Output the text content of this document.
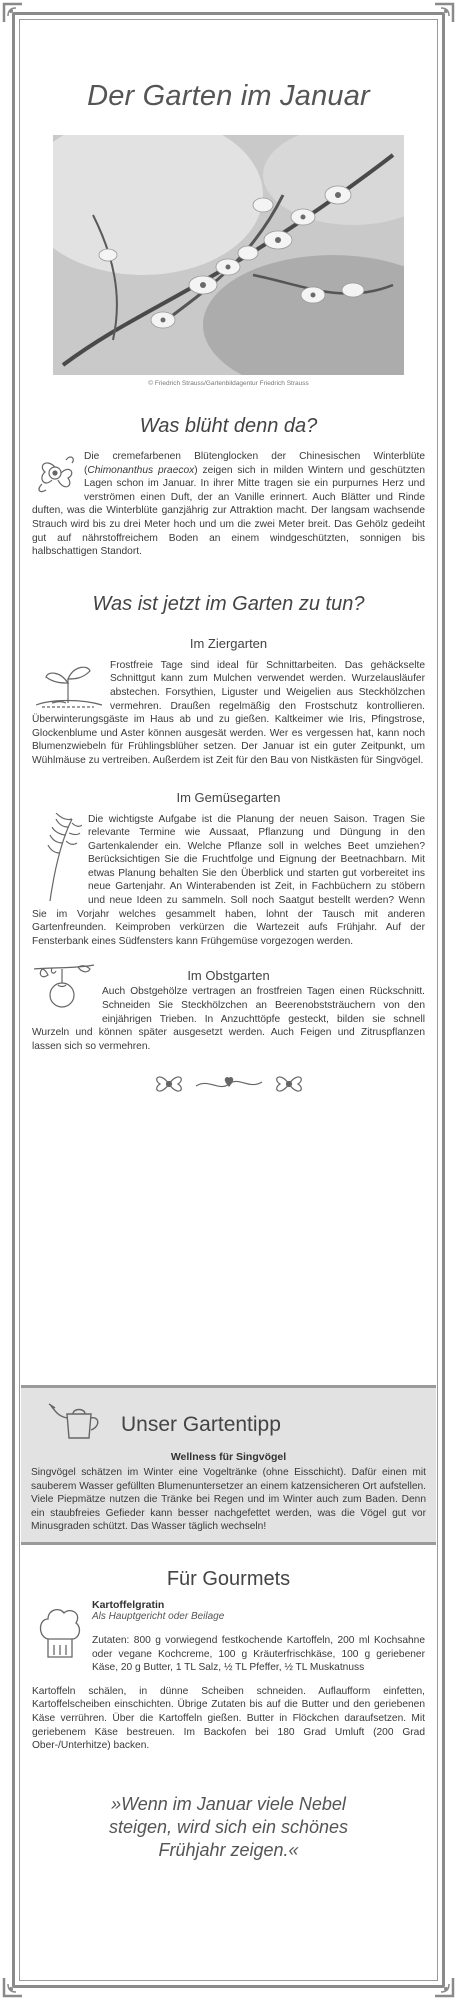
Der Garten im Januar
© Friedrich Strauss/Gartenbildagentur Friedrich Strauss
Was blüht denn da?

Die cremefarbenen Blütenglocken der Chinesischen Winterblüte (Chimonanthus praecox) zeigen sich in milden Wintern und geschützten Lagen schon im Januar. In ihrer Mitte tragen sie ein purpurnes Herz und verströmen einen Duft, der an Vanille erinnert. Auch Blätter und Rinde duften, was die Winterblüte ganzjährig zur Attraktion macht. Der langsam wachsende Strauch wird bis zu drei Meter hoch und um die zwei Meter breit. Das Gehölz gedeiht gut auf nährstoffreichem Boden an einem windgeschützten, sonnigen bis halbschattigen Standort.

Was ist jetzt im Garten zu tun?
Im Ziergarten

Frostfreie Tage sind ideal für Schnittarbeiten. Das gehäckselte Schnittgut kann zum Mulchen verwendet werden. Wurzelausläufer abstechen. Forsythien, Liguster und Weigelien aus Steckhölzchen vermehren. Draußen regelmäßig den Frostschutz kontrollieren. Überwinterungsgäste im Haus ab und zu gießen. Kaltkeimer wie Iris, Pfingstrose, Glockenblume und Aster können ausgesät werden. Wer es vergessen hat, kann noch Blumenzwiebeln für Frühlingsblüher setzen. Der Januar ist ein guter Zeitpunkt, um Wühlmäuse zu vertreiben. Außerdem ist Zeit für den Bau von Nistkästen für Singvögel.

Im Gemüsegarten

Die wichtigste Aufgabe ist die Planung der neuen Saison. Tragen Sie relevante Termine wie Aussaat, Pflanzung und Düngung in den Gartenkalender ein. Welche Pflanze soll in welches Beet umziehen? Berücksichtigen Sie die Fruchtfolge und Eignung der Beetnachbarn. Mit etwas Planung behalten Sie den Überblick und starten gut vorbereitet ins neue Gartenjahr. An Winterabenden ist Zeit, in Fachbüchern zu stöbern und neue Ideen zu sammeln. Soll noch Saatgut bestellt werden? Wenn Sie im Vorjahr welches gesammelt haben, lohnt der Tausch mit anderen Gartenfreunden. Keimproben verkürzen die Wartezeit aufs Frühjahr. Auf der Fensterbank eines Südfensters kann Frühgemüse vorgezogen werden.

Im Obstgarten

Auch Obstgehölze vertragen an frostfreien Tagen einen Rückschnitt. Schneiden Sie Steckhölzchen an Beerenobststräuchern von den einjährigen Trieben. In Anzuchttöpfe gesteckt, bilden sie schnell Wurzeln und können später ausgesetzt werden. Auch Feigen und Zitruspflanzen lassen sich so vermehren.

Unser Gartentipp
Wellness für Singvögel

Singvögel schätzen im Winter eine Vogeltränke (ohne Eisschicht). Dafür einen mit sauberem Wasser gefüllten Blumenuntersetzer an einem katzensicheren Ort aufstellen. Viele Piepmätze nutzen die Tränke bei Regen und im Winter auch zum Baden. Denn ein staubfreies Gefieder kann besser nachgefettet werden, was die Vögel gut vor Minusgraden schützt. Das Wasser täglich wechseln!

Für Gourmets
Kartoffelgratin
Als Hauptgericht oder Beilage

Zutaten: 800 g vorwiegend festkochende Kartoffeln, 200 ml Kochsahne oder vegane Kochcreme, 100 g Kräuterfrischkäse, 100 g geriebener Käse, 20 g Butter, 1 TL Salz, ½ TL Pfeffer, ½ TL Muskatnuss

Kartoffeln schälen, in dünne Scheiben schneiden. Auflaufform einfetten, Kartoffelscheiben einschichten. Übrige Zutaten bis auf die Butter und den geriebenen Käse verrühren. Über die Kartoffeln gießen. Butter in Flöckchen daraufsetzen. Mit geriebenem Käse bestreuen. Im Backofen bei 180 Grad Umluft (200 Grad Ober-/Unterhitze) backen.

»Wenn im Januar viele Nebel
steigen, wird sich ein schönes
Frühjahr zeigen.«
